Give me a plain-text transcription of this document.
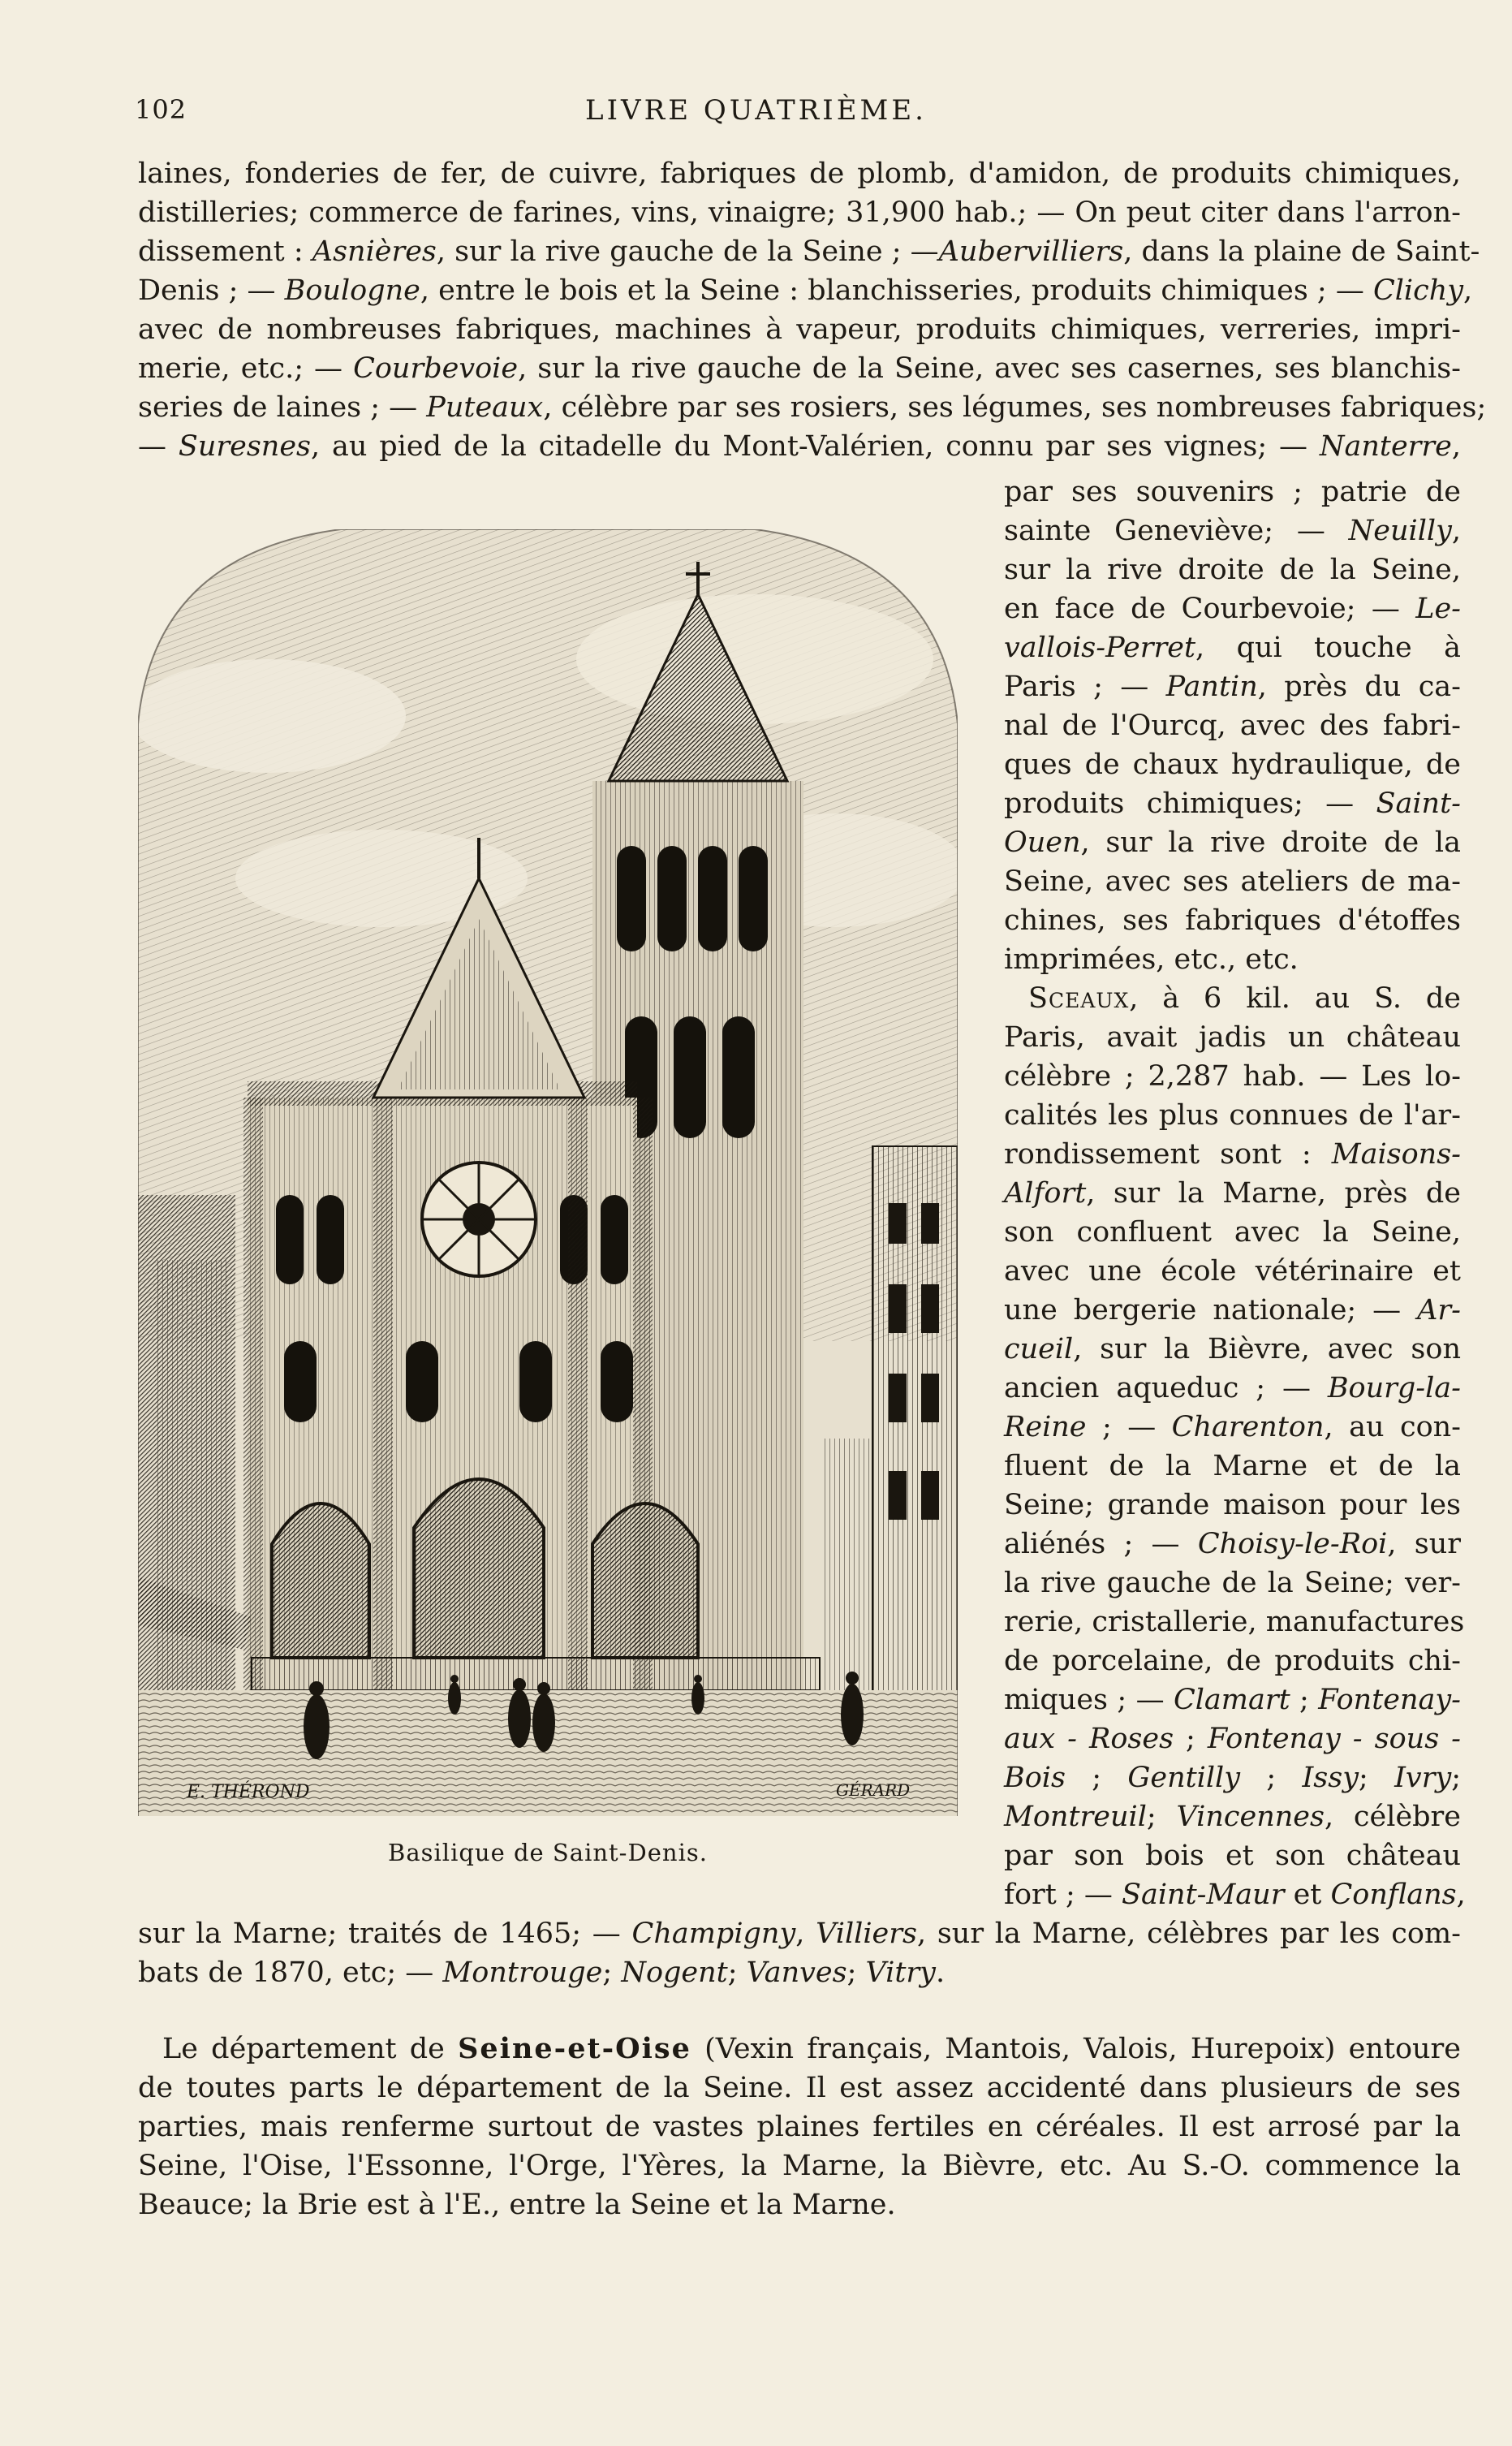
102	LIVRE QUATRIÈME.
laines, fonderies de fer, de cuivre, fabriques de plomb, d'amidon, de produits chimiques,
distilleries; commerce de farines, vins, vinaigre; 31,900 hab.; — On peut citer dans l'arron-
dissement : Asnières, sur la rive gauche de la Seine ; —Aubervilliers, dans la plaine de Saint-
Denis ; — Boulogne, entre le bois et la Seine : blanchisseries, produits chimiques ; — Clichy,
avec de nombreuses fabriques, machines à vapeur, produits chimiques, verreries, impri-
merie, etc.; — Courbevoie, sur la rive gauche de la Seine, avec ses casernes, ses blanchis-
series de laines ; — Puteaux, célèbre par ses rosiers, ses légumes, ses nombreuses fabriques;
— Suresnes, au pied de la citadelle du Mont-Valérien, connu par ses vignes; — Nanterre,
par ses souvenirs ; patrie de
sainte Geneviève; — Neuilly,
sur la rive droite de la Seine,
en face de Courbevoie; — Le-
vallois-Perret, qui touche à
Paris ; — Pantin, près du ca-
nal de l'Ourcq, avec des fabri-
ques de chaux hydraulique, de
produits chimiques; — Saint-
Ouen, sur la rive droite de la
Seine, avec ses ateliers de ma-
chines, ses fabriques d'étoffes
imprimées, etc., etc.
Sceaux, à 6 kil. au S. de
Paris, avait jadis un château
célèbre ; 2,287 hab. — Les lo-
calités les plus connues de l'ar-
rondissement sont : Maisons-
Alfort, sur la Marne, près de
son confluent avec la Seine,
avec une école vétérinaire et
une bergerie nationale; — Ar-
cueil, sur la Bièvre, avec son
ancien aqueduc ; — Bourg-la-
Reine ; — Charenton, au con-
fluent de la Marne et de la
Seine; grande maison pour les
aliénés ; — Choisy-le-Roi, sur
la rive gauche de la Seine; ver-
rerie, cristallerie, manufactures
de porcelaine, de produits chi-
miques ; — Clamart ; Fontenay-
aux - Roses ; Fontenay - sous -
Bois ; Gentilly ; Issy; Ivry;
Montreuil; Vincennes, célèbre
par son bois et son château
fort ; — Saint-Maur et Conflans,
E. THÉROND	GÉRARD
Basilique de Saint-Denis.
sur la Marne; traités de 1465; — Champigny, Villiers, sur la Marne, célèbres par les com-
bats de 1870, etc; — Montrouge; Nogent; Vanves; Vitry.
Le département de Seine-et-Oise (Vexin français, Mantois, Valois, Hurepoix) entoure
de toutes parts le département de la Seine. Il est assez accidenté dans plusieurs de ses
parties, mais renferme surtout de vastes plaines fertiles en céréales. Il est arrosé par la
Seine, l'Oise, l'Essonne, l'Orge, l'Yères, la Marne, la Bièvre, etc. Au S.-O. commence la
Beauce; la Brie est à l'E., entre la Seine et la Marne.
